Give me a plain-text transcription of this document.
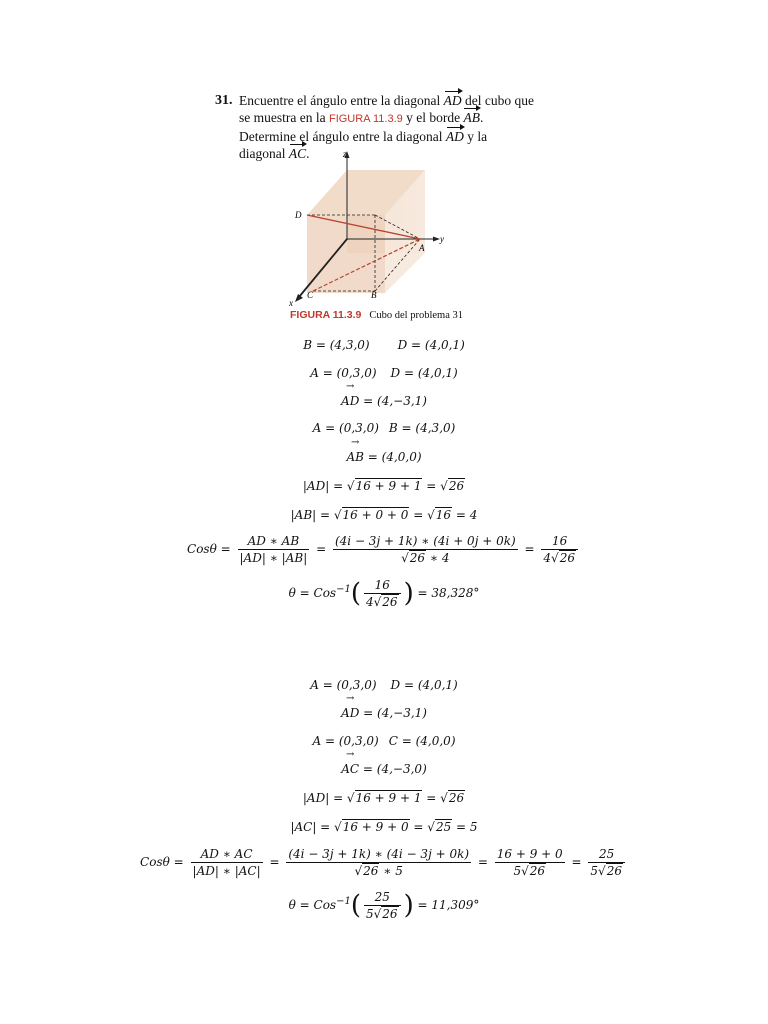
31. Encuentre el ángulo entre la diagonal AD del cubo que se muestra en la FIGURA 11.3.9 y el borde AB. Determine el ángulo entre la diagonal AD y la diagonal AC.	z
y
x
A
B
C
D
FIGURA 11.3.9 Cubo del problema 31
B = (4,3,0) D = (4,0,1)
A = (0,3,0) D = (4,0,1)
→ AD = (4,−3,1)
A = (0,3,0) B = (4,3,0)
→ AB = (4,0,0)
|AD| = √16 + 9 + 1 = √26
|AB| = √16 + 0 + 0 = √16 = 4
$Cos\theta = \frac{AD ∗ AB}{|AD| ∗ |AB|} = \frac{(4i - 3j + 1k) ∗ (4i + 0j + 0k)}{√26 ∗ 4} = \frac{16}{4√26}$
$\theta = Cos^{-1}( \frac{16}{4√26}$ ) = 38,328°
A = (0,3,0) D = (4,0,1)
→ AD = (4,−3,1)
A = (0,3,0) C = (4,0,0)
→ AC = (4,−3,0)
|AD| = √16 + 9 + 1 = √26
|AC| = √16 + 9 + 0 = √25 = 5
$Cos\theta = \frac{AD ∗ AC}{|AD| ∗ |AC|} = \frac{(4i - 3j + 1k) ∗ (4i - 3j + 0k)}{√26 ∗ 5} = \frac{16 + 9 + 0}{5√26} = \frac{25}{5√26}$
$\theta = Cos^{-1}( \frac{25}{5√26}$ ) = 11,309°
